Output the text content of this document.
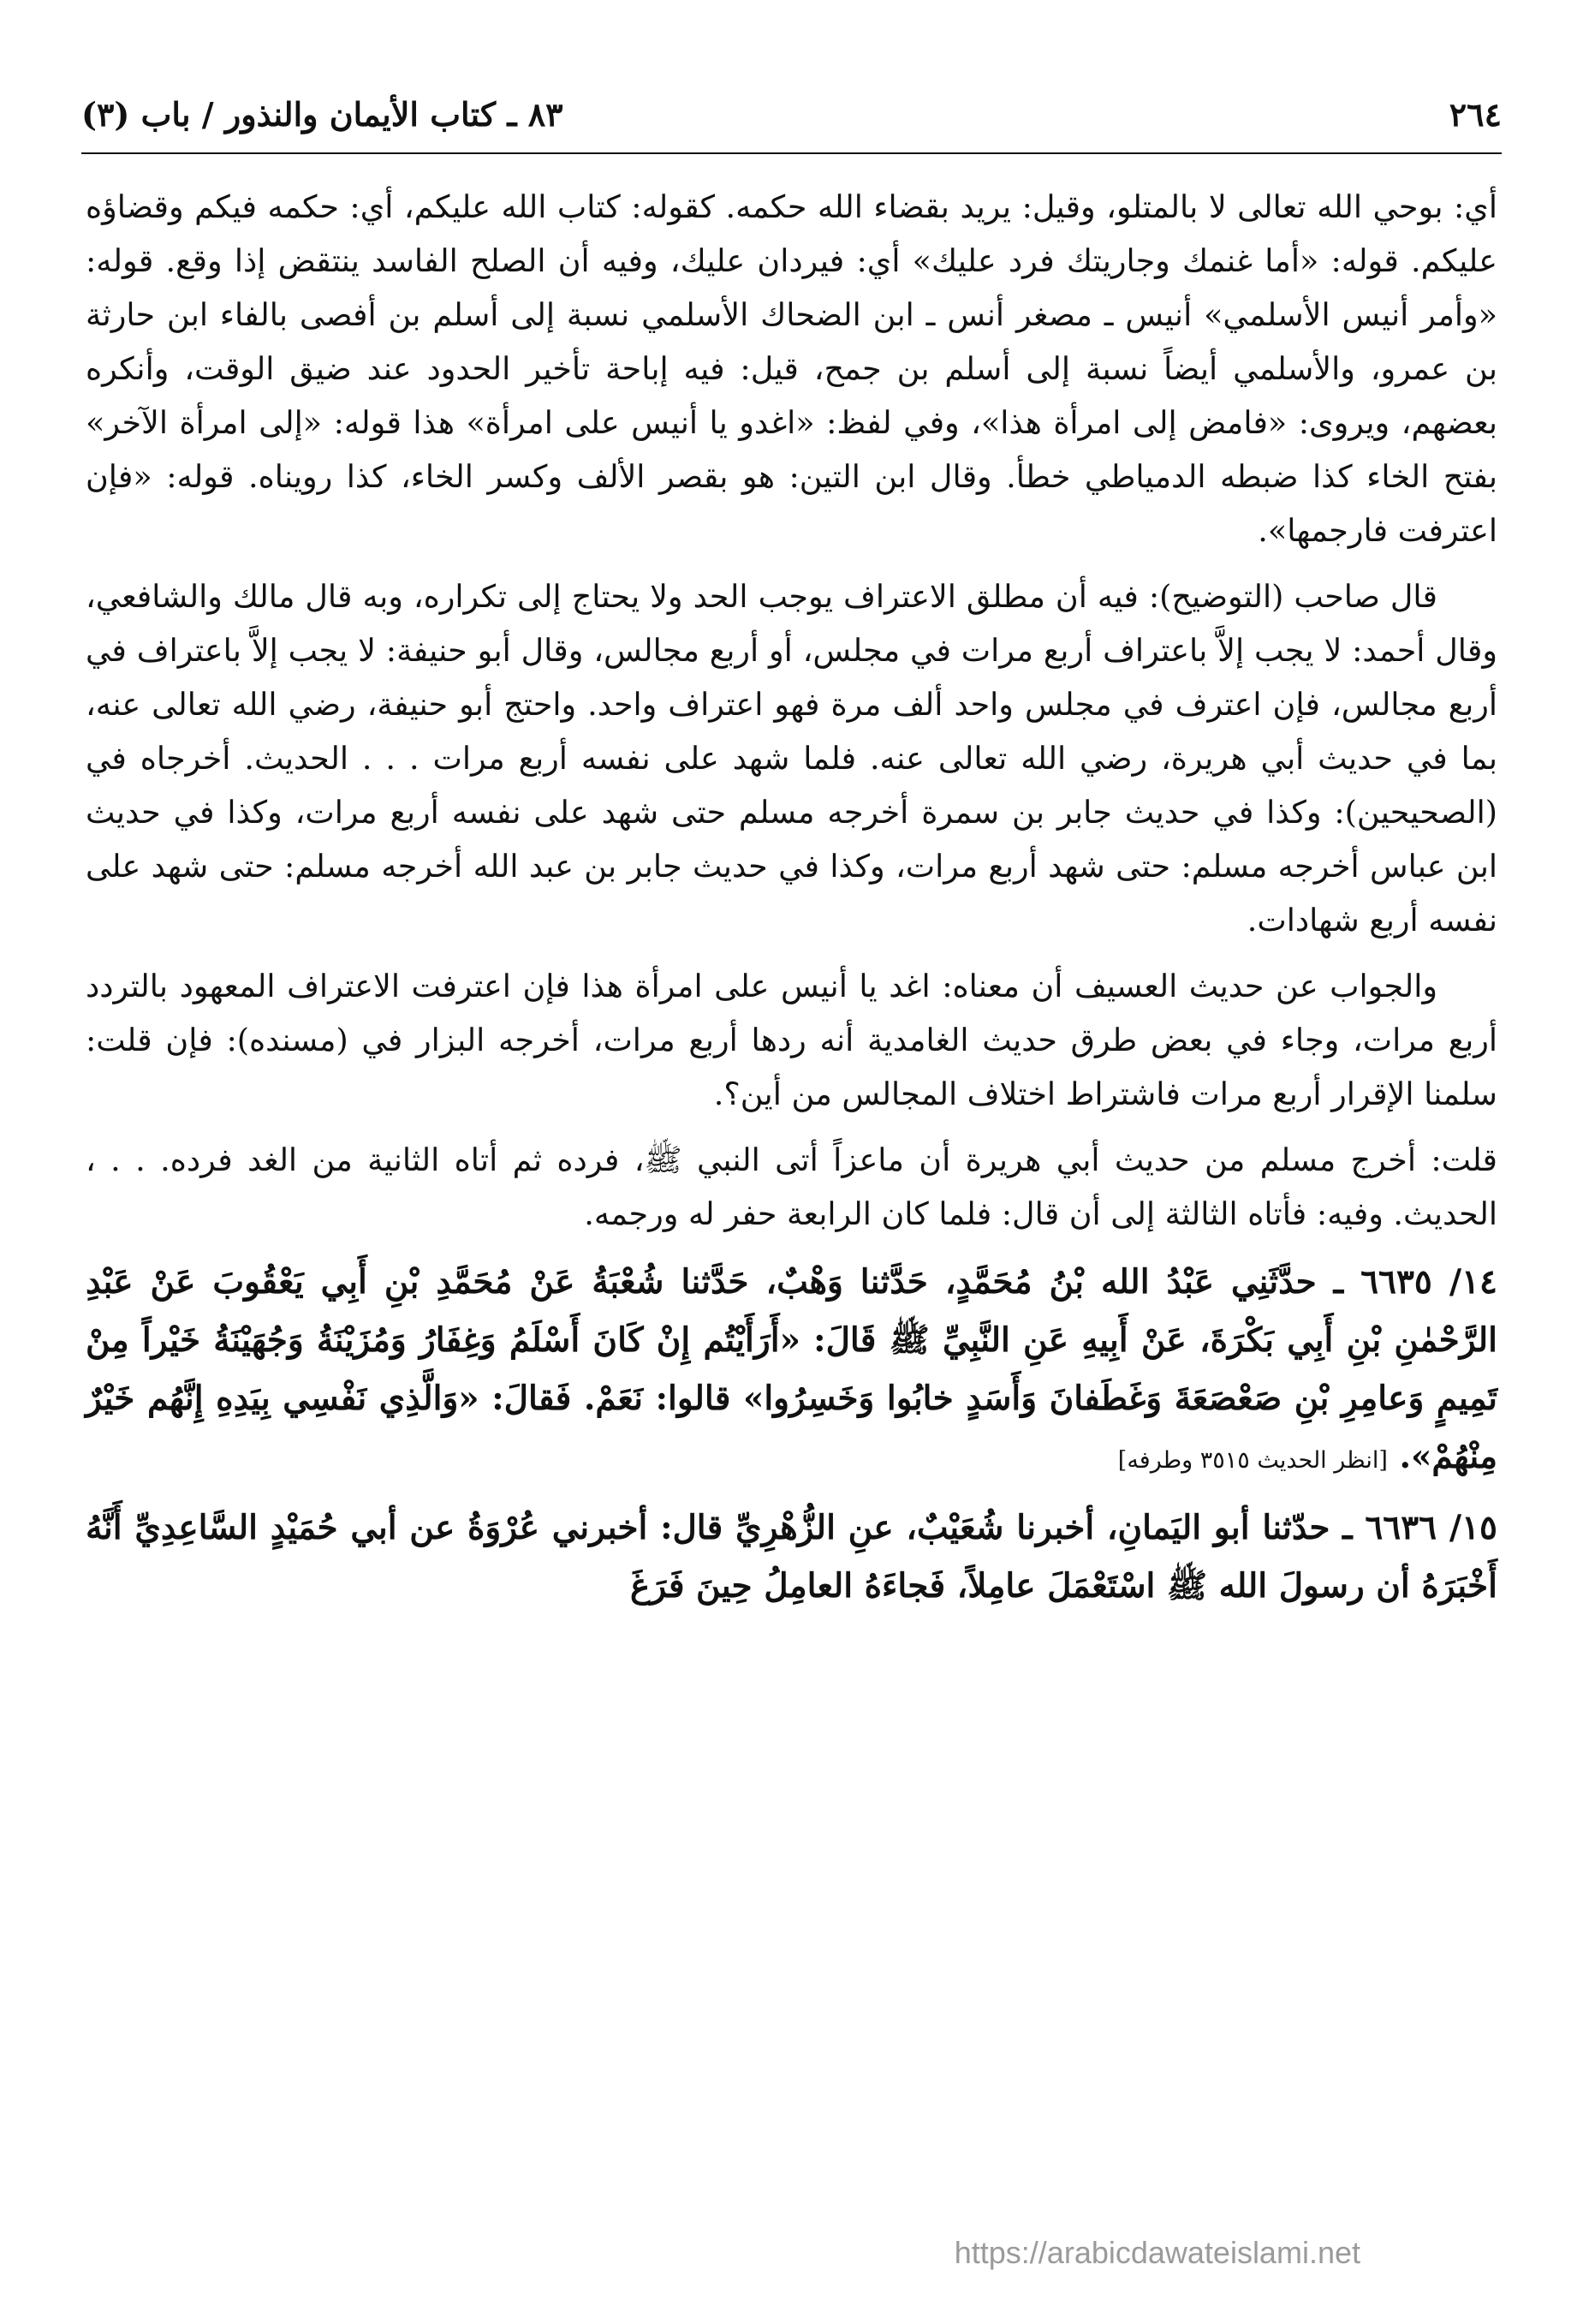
٢٦٤
٨٣ ـ كتاب الأيمان والنذور / باب (٣)

أي: بوحي الله تعالى لا بالمتلو، وقيل: يريد بقضاء الله حكمه. كقوله: كتاب الله عليكم، أي: حكمه فيكم وقضاؤه عليكم. قوله: «أما غنمك وجاريتك فرد عليك» أي: فيردان عليك، وفيه أن الصلح الفاسد ينتقض إذا وقع. قوله: «وأمر أنيس الأسلمي» أنيس ـ مصغر أنس ـ ابن الضحاك الأسلمي نسبة إلى أسلم بن أفصى بالفاء ابن حارثة بن عمرو، والأسلمي أيضاً نسبة إلى أسلم بن جمح، قيل: فيه إباحة تأخير الحدود عند ضيق الوقت، وأنكره بعضهم، ويروى: «فامض إلى امرأة هذا»، وفي لفظ: «اغدو يا أنيس على امرأة» هذا قوله: «إلى امرأة الآخر» بفتح الخاء كذا ضبطه الدمياطي خطأ. وقال ابن التين: هو بقصر الألف وكسر الخاء، كذا رويناه. قوله: «فإن اعترفت فارجمها».

قال صاحب (التوضيح): فيه أن مطلق الاعتراف يوجب الحد ولا يحتاج إلى تكراره، وبه قال مالك والشافعي، وقال أحمد: لا يجب إلاَّ باعتراف أربع مرات في مجلس، أو أربع مجالس، وقال أبو حنيفة: لا يجب إلاَّ باعتراف في أربع مجالس، فإن اعترف في مجلس واحد ألف مرة فهو اعتراف واحد. واحتج أبو حنيفة، رضي الله تعالى عنه، بما في حديث أبي هريرة، رضي الله تعالى عنه. فلما شهد على نفسه أربع مرات . . . الحديث. أخرجاه في (الصحيحين): وكذا في حديث جابر بن سمرة أخرجه مسلم حتى شهد على نفسه أربع مرات، وكذا في حديث ابن عباس أخرجه مسلم: حتى شهد أربع مرات، وكذا في حديث جابر بن عبد الله أخرجه مسلم: حتى شهد على نفسه أربع شهادات.

والجواب عن حديث العسيف أن معناه: اغد يا أنيس على امرأة هذا فإن اعترفت الاعتراف المعهود بالتردد أربع مرات، وجاء في بعض طرق حديث الغامدية أنه ردها أربع مرات، أخرجه البزار في (مسنده): فإن قلت: سلمنا الإقرار أربع مرات فاشتراط اختلاف المجالس من أين؟.

قلت: أخرج مسلم من حديث أبي هريرة أن ماعزاً أتى النبي ﷺ، فرده ثم أتاه الثانية من الغد فرده. . . ، الحديث. وفيه: فأتاه الثالثة إلى أن قال: فلما كان الرابعة حفر له ورجمه.

١٤/ ٦٦٣٥ ـ حدَّثَنِي عَبْدُ الله بْنُ مُحَمَّدٍ، حَدَّثنا وَهْبٌ، حَدَّثنا شُعْبَةُ عَنْ مُحَمَّدِ بْنِ أَبِي يَعْقُوبَ عَنْ عَبْدِ الرَّحْمٰنِ بْنِ أَبِي بَكْرَةَ، عَنْ أَبِيهِ عَنِ النَّبِيِّ ﷺ قَالَ: «أَرَأَيْتُم إِنْ كَانَ أَسْلَمُ وَغِفَارُ وَمُزَيْنَةُ وَجُهَيْنَةُ خَيْراً مِنْ تَمِيمٍ وَعامِرِ بْنِ صَعْصَعَةَ وَغَطَفانَ وَأَسَدٍ خابُوا وَخَسِرُوا» قالوا: نَعَمْ. فَقالَ: «وَالَّذِي نَفْسِي بِيَدِهِ إِنَّهُم خَيْرٌ مِنْهُمْ». [انظر الحديث ٣٥١٥ وطرفه]

١٥/ ٦٦٣٦ ـ حدّثنا أبو اليَمانِ، أخبرنا شُعَيْبٌ، عنِ الزُّهْرِيِّ قال: أخبرني عُرْوَةُ عن أبي حُمَيْدٍ السَّاعِدِيِّ أَنَّهُ أَخْبَرَهُ أن رسولَ الله ﷺ اسْتَعْمَلَ عامِلاً، فَجاءَهُ العامِلُ حِينَ فَرَغَ

https://arabicdawateislami.net
